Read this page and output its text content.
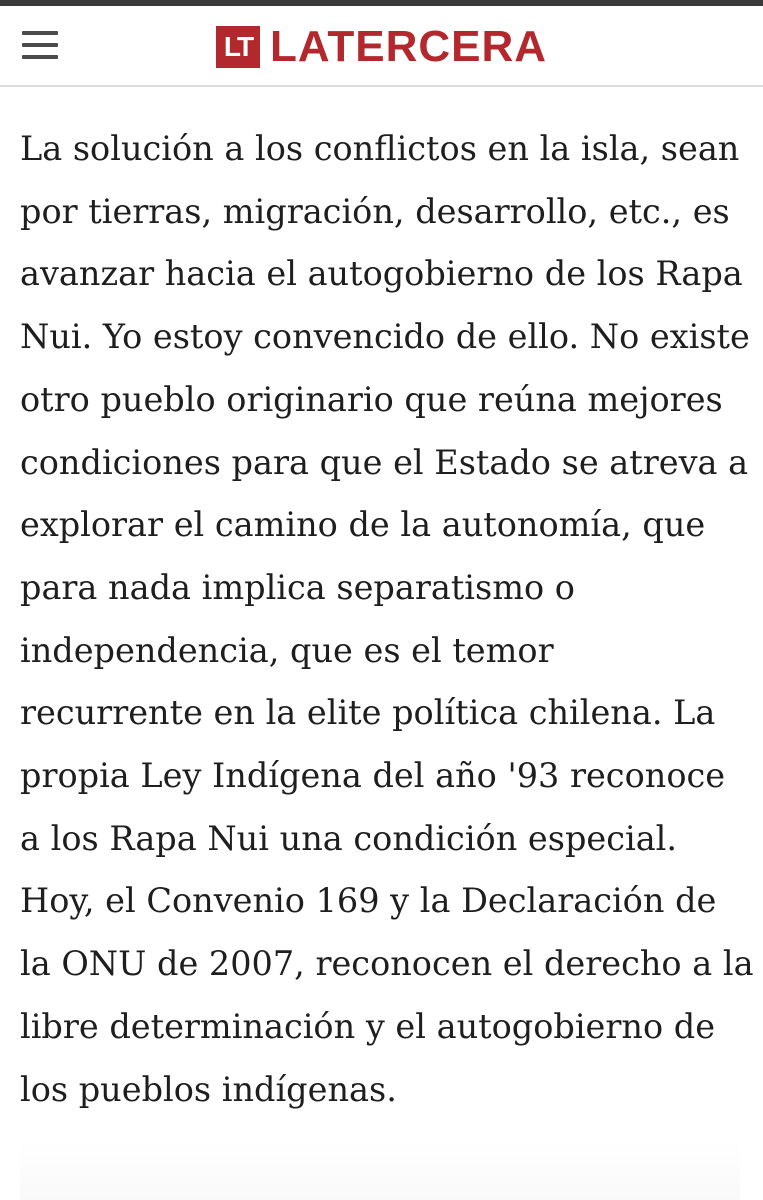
LT LATERCERA

La solución a los conflictos en la isla, sean
por tierras, migración, desarrollo, etc., es
avanzar hacia el autogobierno de los Rapa
Nui. Yo estoy convencido de ello. No existe
otro pueblo originario que reúna mejores
condiciones para que el Estado se atreva a
explorar el camino de la autonomía, que
para nada implica separatismo o
independencia, que es el temor
recurrente en la elite política chilena. La
propia Ley Indígena del año '93 reconoce
a los Rapa Nui una condición especial.
Hoy, el Convenio 169 y la Declaración de
la ONU de 2007, reconocen el derecho a la
libre determinación y el autogobierno de
los pueblos indígenas.
